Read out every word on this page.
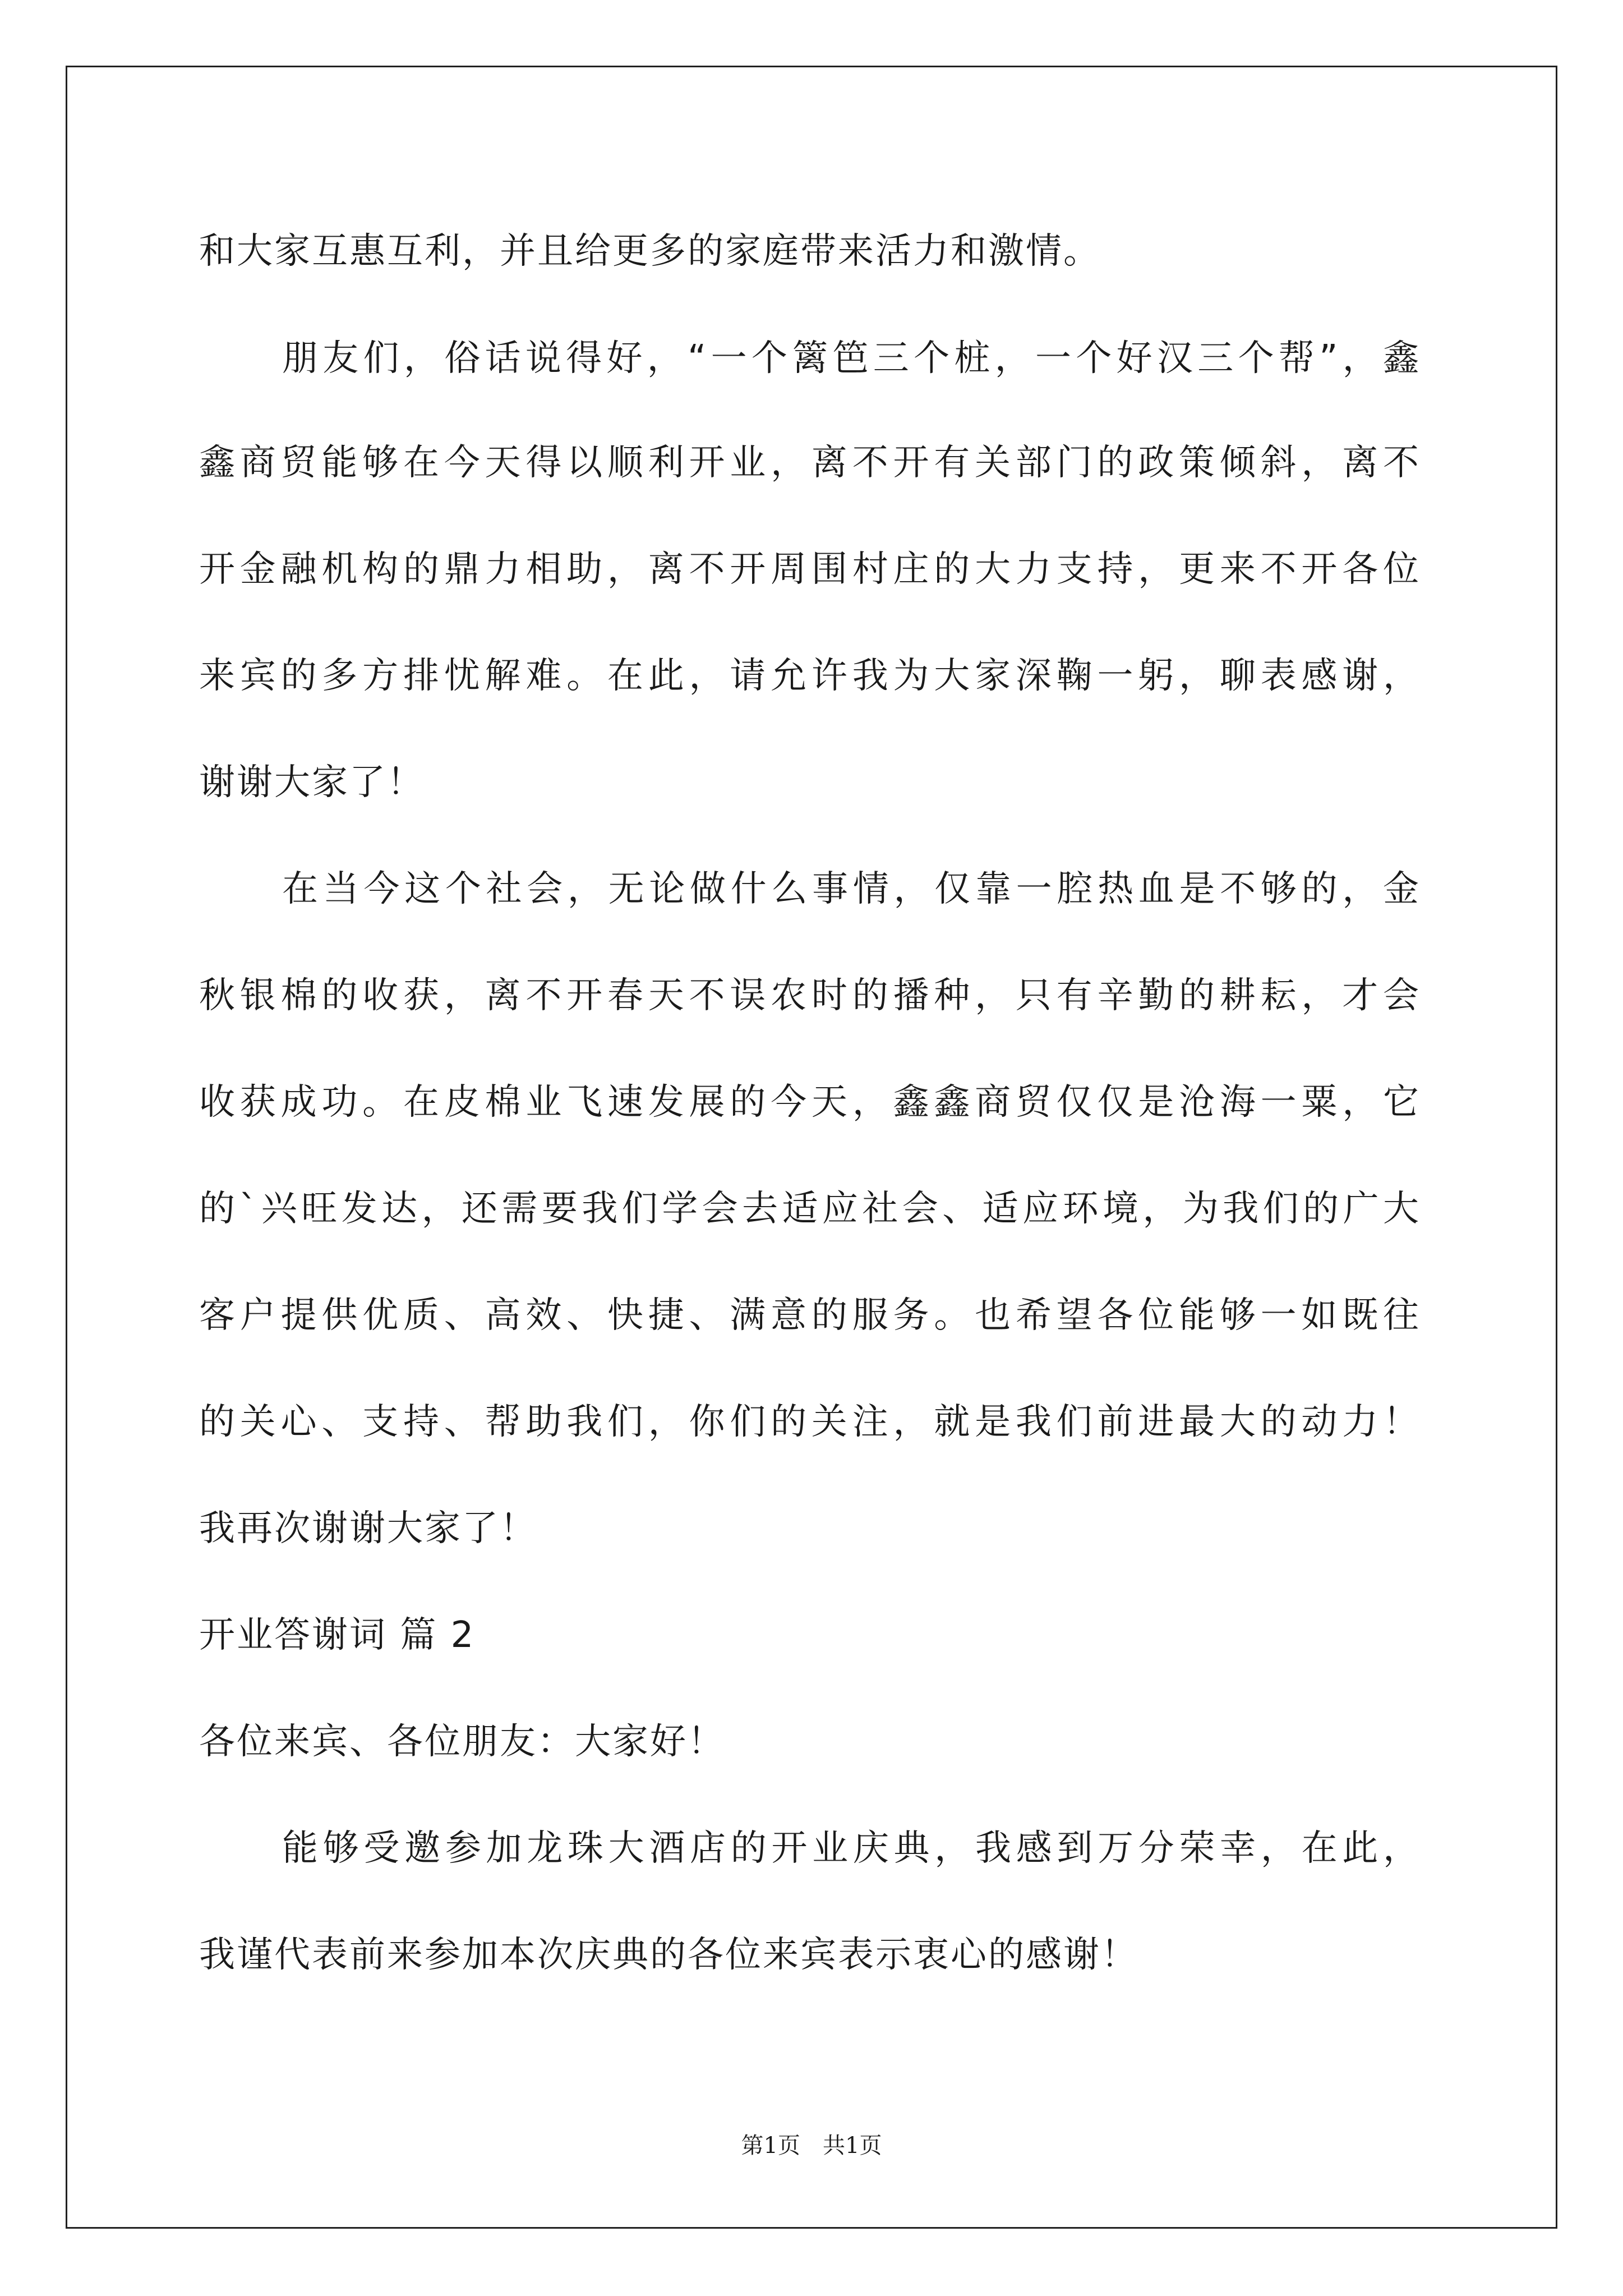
和大家互惠互利，并且给更多的家庭带来活力和激情。
朋友们，俗话说得好，“一个篱笆三个桩，一个好汉三个帮”，鑫
鑫商贸能够在今天得以顺利开业，离不开有关部门的政策倾斜，离不
开金融机构的鼎力相助，离不开周围村庄的大力支持，更来不开各位
来宾的多方排忧解难。在此，请允许我为大家深鞠一躬，聊表感谢，
谢谢大家了！
在当今这个社会，无论做什么事情，仅靠一腔热血是不够的，金
秋银棉的收获，离不开春天不误农时的播种，只有辛勤的耕耘，才会
收获成功。在皮棉业飞速发展的今天，鑫鑫商贸仅仅是沧海一粟，它
的`兴旺发达，还需要我们学会去适应社会、适应环境，为我们的广大
客户提供优质、高效、快捷、满意的服务。也希望各位能够一如既往
的关心、支持、帮助我们，你们的关注，就是我们前进最大的动力！
我再次谢谢大家了！
开业答谢词 篇 2
各位来宾、各位朋友：大家好！
能够受邀参加龙珠大酒店的开业庆典，我感到万分荣幸，在此，
我谨代表前来参加本次庆典的各位来宾表示衷心的感谢！
第1页　共1页
